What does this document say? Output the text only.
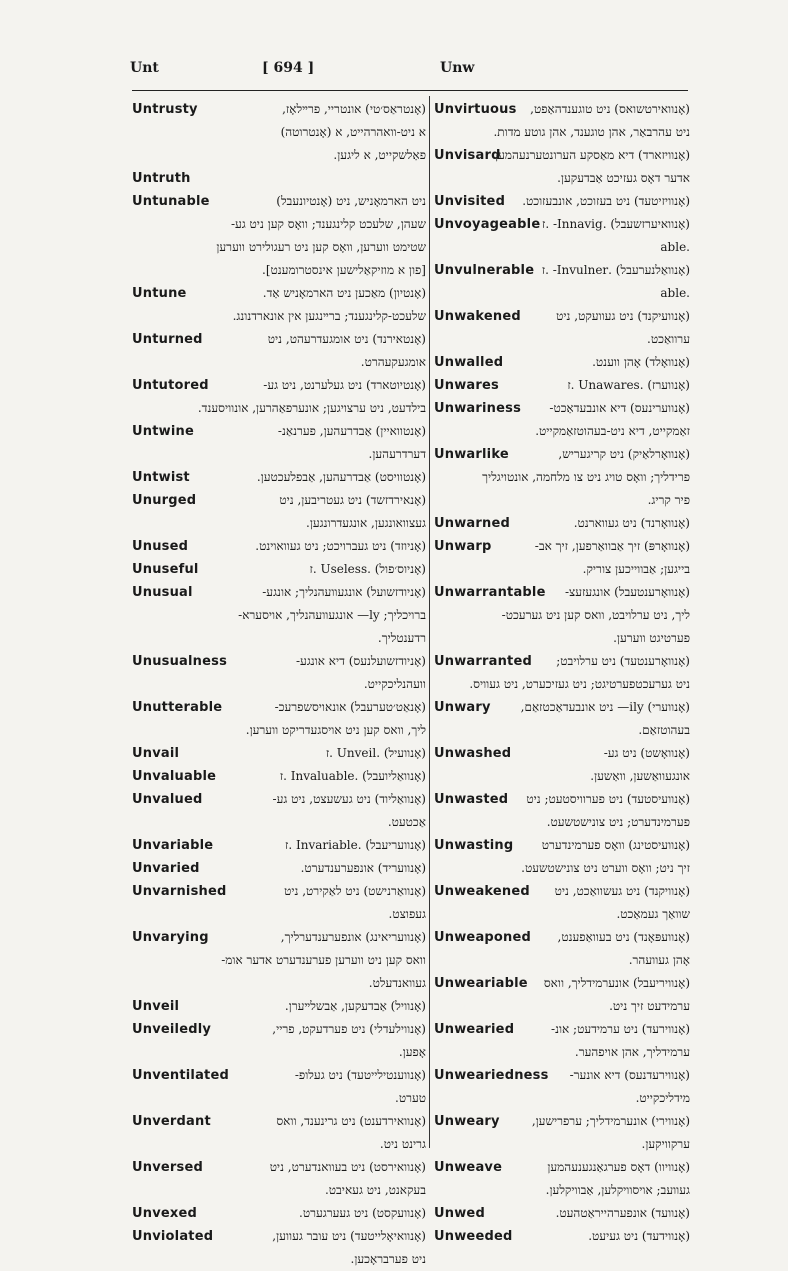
Unt	[ 694 ]	Unw
Untrusty	(אָנטראַס׳טי) אונטריי, פרײלאָז,
א ניט-וואהרהייט, א (אָנטרוטה)
פאַלשקייט, א ליגען.
Untruth
Untunable	ניט הארמאָניש, ניט (אָנטיונעבל)
שעהן, שלעכט קלינגענד; וואָס קען ניט גע-
שטימט ווערען, וואָס קען ניט רעגולירט ווערען
[פון א מוזיקאַלישען אינסטרומענט].
Untune	(אָנטיון) מאַכען ניט הארמאָניש אַד.
שלעכט-קלינגענד; ברײנגען אין אונארדנונג.
Unturned	(אָנטאירנד) ניט אומגעדרעהט, ניט
אומגעקעהרט.
Untutored	(אָנטיוטארד) ניט געלערנט, ניט גע-
בילדעט, ניט ערצויגען; אונערפאַהרען, אונוויסענד.
Untwine	(אָנטוואיין) אַבדרעהען, פערנאַנ-
דערדרעהען.
Untwist	(אָנטוויסט) אַבדרעהען, אַבפלעכטען.
Unurged	(אָנאירדזשד) ניט געטריבען, ניט
געצוואונגען, אונגעדרונגען.
Unused	(אָניוזד) ניט געברויכט; ניט געוואוינט.
Unuseful	(אָניוס׳פול) .Useless .ז
Unusual	(אָניודזשועל) אונגעוועהנליך; אונגע-
ברויכליך; ly— אונגעוועהנליך, אויסערא-
רדענטליך.
Unusualness	(אָניודזשועלנעס) דיא אונגע-
וועהנליכקייט.
Unutterable	(אָנאַט׳טערעבל) אונאויסשפרעכ-
ליך, וואס קען ניט אויסגעדריקט ווערען.
Unvail	(אָנוועיל) .Unveil .ז
Unvaluable	(אָנוואַליועבל) .Invaluable .ז
Unvalued	(אָנוואַליוד) ניט געשעצט, ניט גע-
אַכטעט.
Unvariable	(אָנוועריעבל) .Invariable .ז
Unvaried	(אָנוועריד) אונפערענדערט.
Unvarnished	(אָנוואַרנישט) ניט לאַקירט, ניט
געפוצט.
Unvarying	(אָנוועריאינג) אונפערענדערליך,
וואס קען ניט ווערען פערענדערט אדער אומ-
געוואנדעלט.
Unveil	(אָנוויל) אַבדעקען, אַבשלײערן.
Unveiledly	(אָנווילעדלי) ניט פערדעקט, פריי,
אָפען.
Unventilated	(אָנווענטילייטעד) ניט געלופ-
טערט.
Unverdant	(אָנוואירדענט) ניט גרינענד, וואס
גרינט ניט.
Unversed	(אָנוואירסט) ניט בעוואנדערט, ניט
בעקאנט, ניט געאיבט.
Unvexed	(אָנוועקסט) ניט געערגערט.
Unviolated	(אָנוואיאָלייטעד) ניט עובר געווען,
ניט פערבראָכען.
Unvirtuous (אָנוואירטשואס) ניט טוגענדהאַפט,
ניט עהרבאַר, אהן טוגענד, אהן גוטע מדות.
Unvisard
(אָנוויזארד) דיא מאַסקע הערונטערנעהמען
אדער דאָס געזיכט אַבדעקען.
Unvisited (אָנוויזיטעד) ניט בעזוכט, אונבעזוכט.
Unvoyageable (אָנוואיערזשעבל) .Innavig- .ז
able.
Unvulnerable (אָנוואַלנערעבל) .Invulner- .ז
able.
Unwakened	(אָנוועיקנד) ניט געוועקט, ניט
ערוואַכט.
Unwalled	(אָנוואָלד) אָהן ווענט.
Unwares	(אָנווערז) .Unawares .ז
Unwariness (אָנווערינעס) דיא אונבעדאַכט-
זאַמקייט, דיא ניט-בעהוטזאַמקייט.
Unwarlike	(אָנוואָרלאַיק) ניט קריגעריש,
פרידליך; וואָס טויג ניט צו מלחמה, אונטויגליך
פיר קריג.
Unwarned	(אָנוואָרנד) ניט געווארנט.
Unwarp	(אָנוואָרפּ) זיך אַבוואַרפען, זיך אב-
בייגען; אַבווייכען צוריק.
Unwarrantable (אָנוואָרענטעבל) אונגעזעצ-
ליך, ניט ערלויבט, וואס קען ניט גערעכט-
פערטיגט ווערען.
Unwarranted (אָנוואָרענטעד) ניט ערלויבט;
ניט גערעכטפערטיגט; ניט געזיכערט, ניט געוויס.
Unwary (אָנווערי) ily— ניט אונבעדאַכטזאַם,
בעהוטזאַם.
Unwashed	(אָנוואָשט) ניט גע-
אונגעוואַשען, וואַשען.
Unwasted (אָנוועיסטעד) ניט פערוויסטעט; ניט
פערמינדערט; ניט צונישטשעט.
Unwasting (אָנוועיסטינג) וואָס פערמינדערט
זיך ניט; וואָס ווערט ניט צונישטשעט.
Unweakened (אָנוויקנד) ניט געשוואַכט, ניט
שוואַך געמאַכט.
Unweaponed (אָנוועפּאָנד) ניט בעוואַפענט,
אָהן געוועהר.
Unweariable (אָנוויריעבל) אונערמידליך, וואס
ערמידעט זיך ניט.
Unwearied	(אָנווירעד) ניט ערמידעט; אונ-
ערמידליך, אהן אויפהער.
Unweariedness (אָנווירעדנעס) דיא אונער-
מידליכקייט.
Unweary	(אָנווירי) אונערמידליך; ערפרישען,
ערקוויקען.
Unweave	(אָנוויוו) דאָס פערגאַנגענעהמען
געוועב; אויסוויקלען, אַבוויקלען.
Unwed	(אָנוועד) אונפערהייראַטהעט.
Unweeded	(אָנווידעד) ניט געיעט.
